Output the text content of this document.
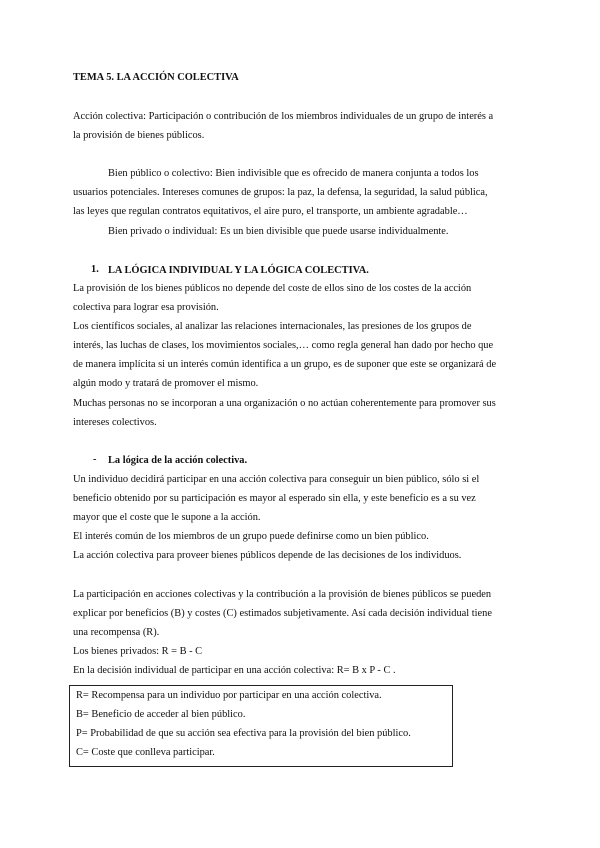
TEMA 5. LA ACCIÓN COLECTIVA
Acción colectiva: Participación o contribución de los miembros individuales de un grupo de interés a
la provisión de bienes públicos.
Bien público o colectivo: Bien indivisible que es ofrecido de manera conjunta a todos los
usuarios potenciales. Intereses comunes de grupos: la paz, la defensa, la seguridad, la salud pública,
las leyes que regulan contratos equitativos, el aire puro, el transporte, un ambiente agradable…
Bien privado o individual: Es un bien divisible que puede usarse individualmente.
1. LA LÓGICA INDIVIDUAL Y LA LÓGICA COLECTIVA.
La provisión de los bienes públicos no depende del coste de ellos sino de los costes de la acción
colectiva para lograr esa provisión.
Los científicos sociales, al analizar las relaciones internacionales, las presiones de los grupos de
interés, las luchas de clases, los movimientos sociales,… como regla general han dado por hecho que
de manera implícita si un interés común identifica a un grupo, es de suponer que este se organizará de
algún modo y tratará de promover el mismo.
Muchas personas no se incorporan a una organización o no actúan coherentemente para promover sus
intereses colectivos.
- La lógica de la acción colectiva.
Un individuo decidirá participar en una acción colectiva para conseguir un bien público, sólo si el
beneficio obtenido por su participación es mayor al esperado sin ella, y este beneficio es a su vez
mayor que el coste que le supone a la acción.
El interés común de los miembros de un grupo puede definirse como un bien público.
La acción colectiva para proveer bienes públicos depende de las decisiones de los individuos.
La participación en acciones colectivas y la contribución a la provisión de bienes públicos se pueden
explicar por beneficios (B) y costes (C) estimados subjetivamente. Así cada decisión individual tiene
una recompensa (R).
Los bienes privados: R = B - C
En la decisión individual de participar en una acción colectiva: R= B x P - C .
R= Recompensa para un individuo por participar en una acción colectiva.
B= Beneficio de acceder al bien público.
P= Probabilidad de que su acción sea efectiva para la provisión del bien público.
C= Coste que conlleva participar.
